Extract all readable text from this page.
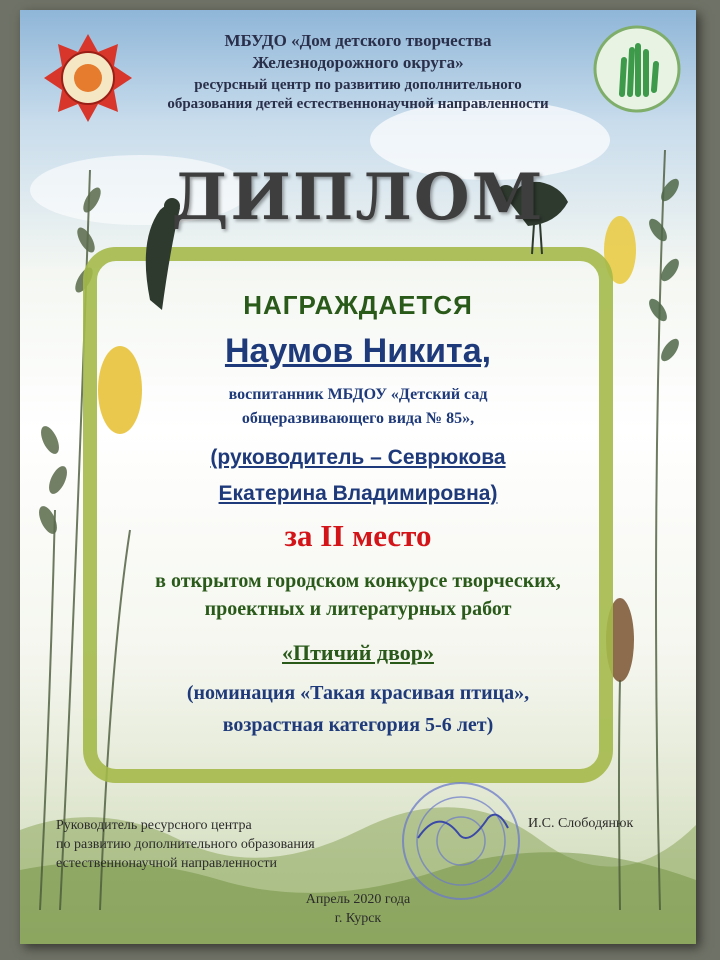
МБУДО «Дом детского творчества
Железнодорожного округа»
ресурсный центр по развитию дополнительного
образования детей естественнонаучной направленности
ДИПЛОМ
НАГРАЖДАЕТСЯ
Наумов Никита,
воспитанник МБДОУ «Детский сад
общеразвивающего вида № 85»,
(руководитель – Севрюкова
Екатерина Владимировна)
за II место
в открытом городском конкурсе творческих,
проектных и литературных работ
«Птичий двор»
(номинация «Такая красивая птица»,
возрастная категория 5-6 лет)
Руководитель ресурсного центра
по развитию дополнительного образования
естественнонаучной направленности
И.С. Слободянюк
Апрель 2020 года
г. Курск
